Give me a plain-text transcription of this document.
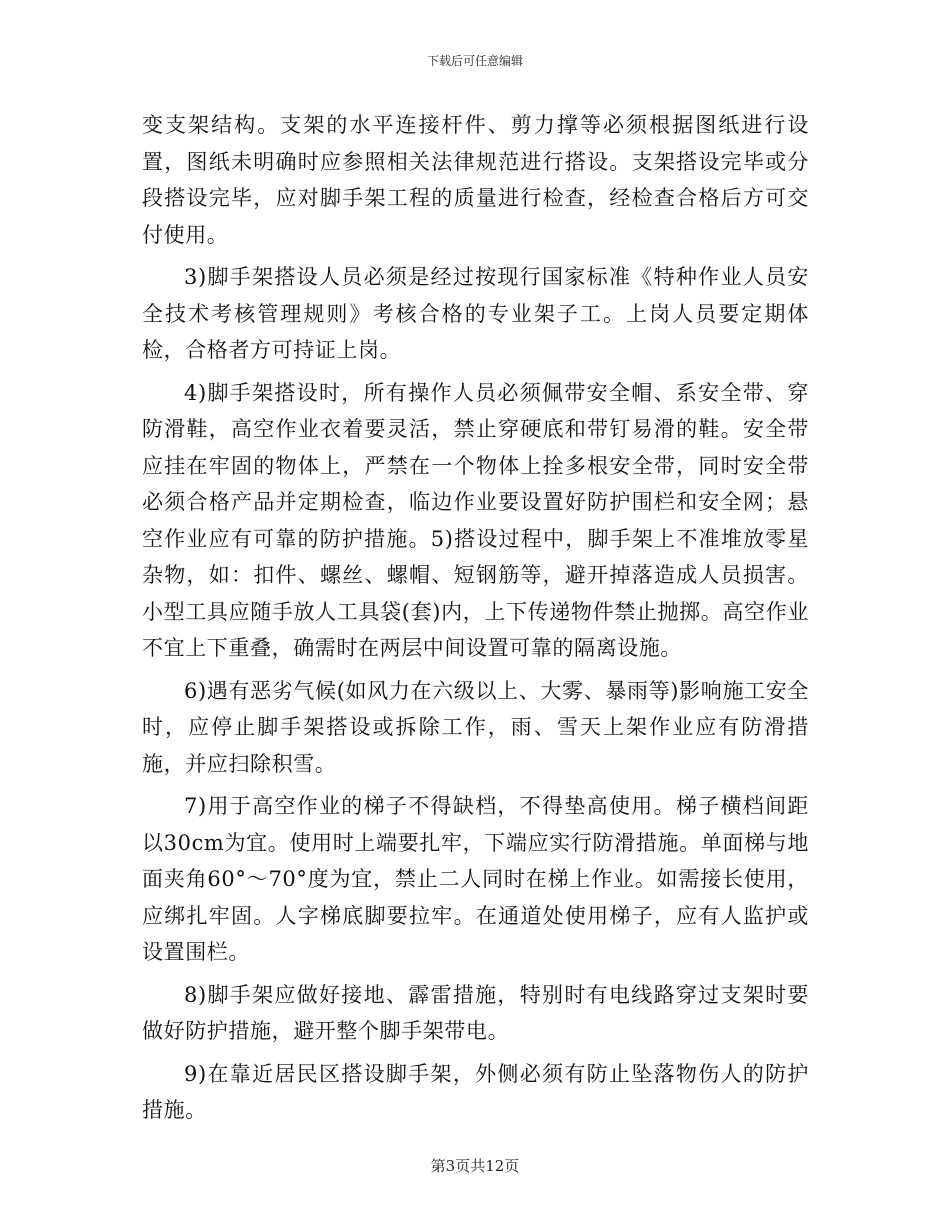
下载后可任意编辑

变支架结构。支架的水平连接杆件、剪力撑等必须根据图纸进行设置，图纸未明确时应参照相关法律规范进行搭设。支架搭设完毕或分段搭设完毕，应对脚手架工程的质量进行检查，经检查合格后方可交付使用。

3)脚手架搭设人员必须是经过按现行国家标准《特种作业人员安全技术考核管理规则》考核合格的专业架子工。上岗人员要定期体检，合格者方可持证上岗。

4)脚手架搭设时，所有操作人员必须佩带安全帽、系安全带、穿防滑鞋，高空作业衣着要灵活，禁止穿硬底和带钉易滑的鞋。安全带应挂在牢固的物体上，严禁在一个物体上拴多根安全带，同时安全带必须合格产品并定期检查，临边作业要设置好防护围栏和安全网；悬空作业应有可靠的防护措施。5)搭设过程中，脚手架上不准堆放零星杂物，如：扣件、螺丝、螺帽、短钢筋等，避开掉落造成人员损害。小型工具应随手放人工具袋(套)内，上下传递物件禁止抛掷。高空作业不宜上下重叠，确需时在两层中间设置可靠的隔离设施。

6)遇有恶劣气候(如风力在六级以上、大雾、暴雨等)影响施工安全时，应停止脚手架搭设或拆除工作，雨、雪天上架作业应有防滑措施，并应扫除积雪。

7)用于高空作业的梯子不得缺档，不得垫高使用。梯子横档间距以30cm为宜。使用时上端要扎牢，下端应实行防滑措施。单面梯与地面夹角60°～70°度为宜，禁止二人同时在梯上作业。如需接长使用，应绑扎牢固。人字梯底脚要拉牢。在通道处使用梯子，应有人监护或设置围栏。

8)脚手架应做好接地、霹雷措施，特别时有电线路穿过支架时要做好防护措施，避开整个脚手架带电。

9)在靠近居民区搭设脚手架，外侧必须有防止坠落物伤人的防护措施。

第3页共12页
